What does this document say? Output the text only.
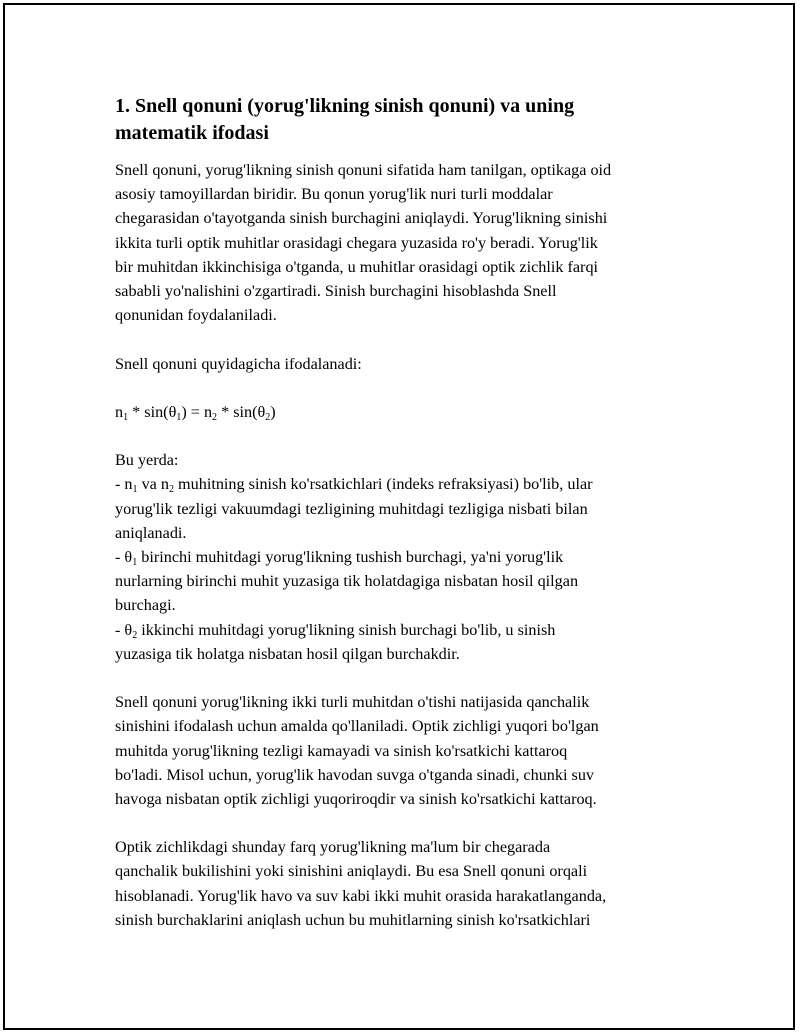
1. Snell qonuni (yorug'likning sinish qonuni) va uning
matematik ifodasi
Snell qonuni, yorug'likning sinish qonuni sifatida ham tanilgan, optikaga oid
asosiy tamoyillardan biridir. Bu qonun yorug'lik nuri turli moddalar
chegarasidan o'tayotganda sinish burchagini aniqlaydi. Yorug'likning sinishi
ikkita turli optik muhitlar orasidagi chegara yuzasida ro'y beradi. Yorug'lik
bir muhitdan ikkinchisiga o'tganda, u muhitlar orasidagi optik zichlik farqi
sababli yo'nalishini o'zgartiradi. Sinish burchagini hisoblashda Snell
qonunidan foydalaniladi.
Snell qonuni quyidagicha ifodalanadi:
$n_1 * \sin(\theta_1) = n_2 * \sin(\theta_2)$
Bu yerda:
- $n_1$ va $n_2$ muhitning sinish ko'rsatkichlari (indeks refraksiyasi) bo'lib, ular
yorug'lik tezligi vakuumdagi tezligining muhitdagi tezligiga nisbati bilan
aniqlanadi.
- $\theta_1$ birinchi muhitdagi yorug'likning tushish burchagi, ya'ni yorug'lik
nurlarning birinchi muhit yuzasiga tik holatdagiga nisbatan hosil qilgan
burchagi.
- $\theta_2$ ikkinchi muhitdagi yorug'likning sinish burchagi bo'lib, u sinish
yuzasiga tik holatga nisbatan hosil qilgan burchakdir.
Snell qonuni yorug'likning ikki turli muhitdan o'tishi natijasida qanchalik
sinishini ifodalash uchun amalda qo'llaniladi. Optik zichligi yuqori bo'lgan
muhitda yorug'likning tezligi kamayadi va sinish ko'rsatkichi kattaroq
bo'ladi. Misol uchun, yorug'lik havodan suvga o'tganda sinadi, chunki suv
havoga nisbatan optik zichligi yuqoriroqdir va sinish ko'rsatkichi kattaroq.
Optik zichlikdagi shunday farq yorug'likning ma'lum bir chegarada
qanchalik bukilishini yoki sinishini aniqlaydi. Bu esa Snell qonuni orqali
hisoblanadi. Yorug'lik havo va suv kabi ikki muhit orasida harakatlanganda,
sinish burchaklarini aniqlash uchun bu muhitlarning sinish ko'rsatkichlari
